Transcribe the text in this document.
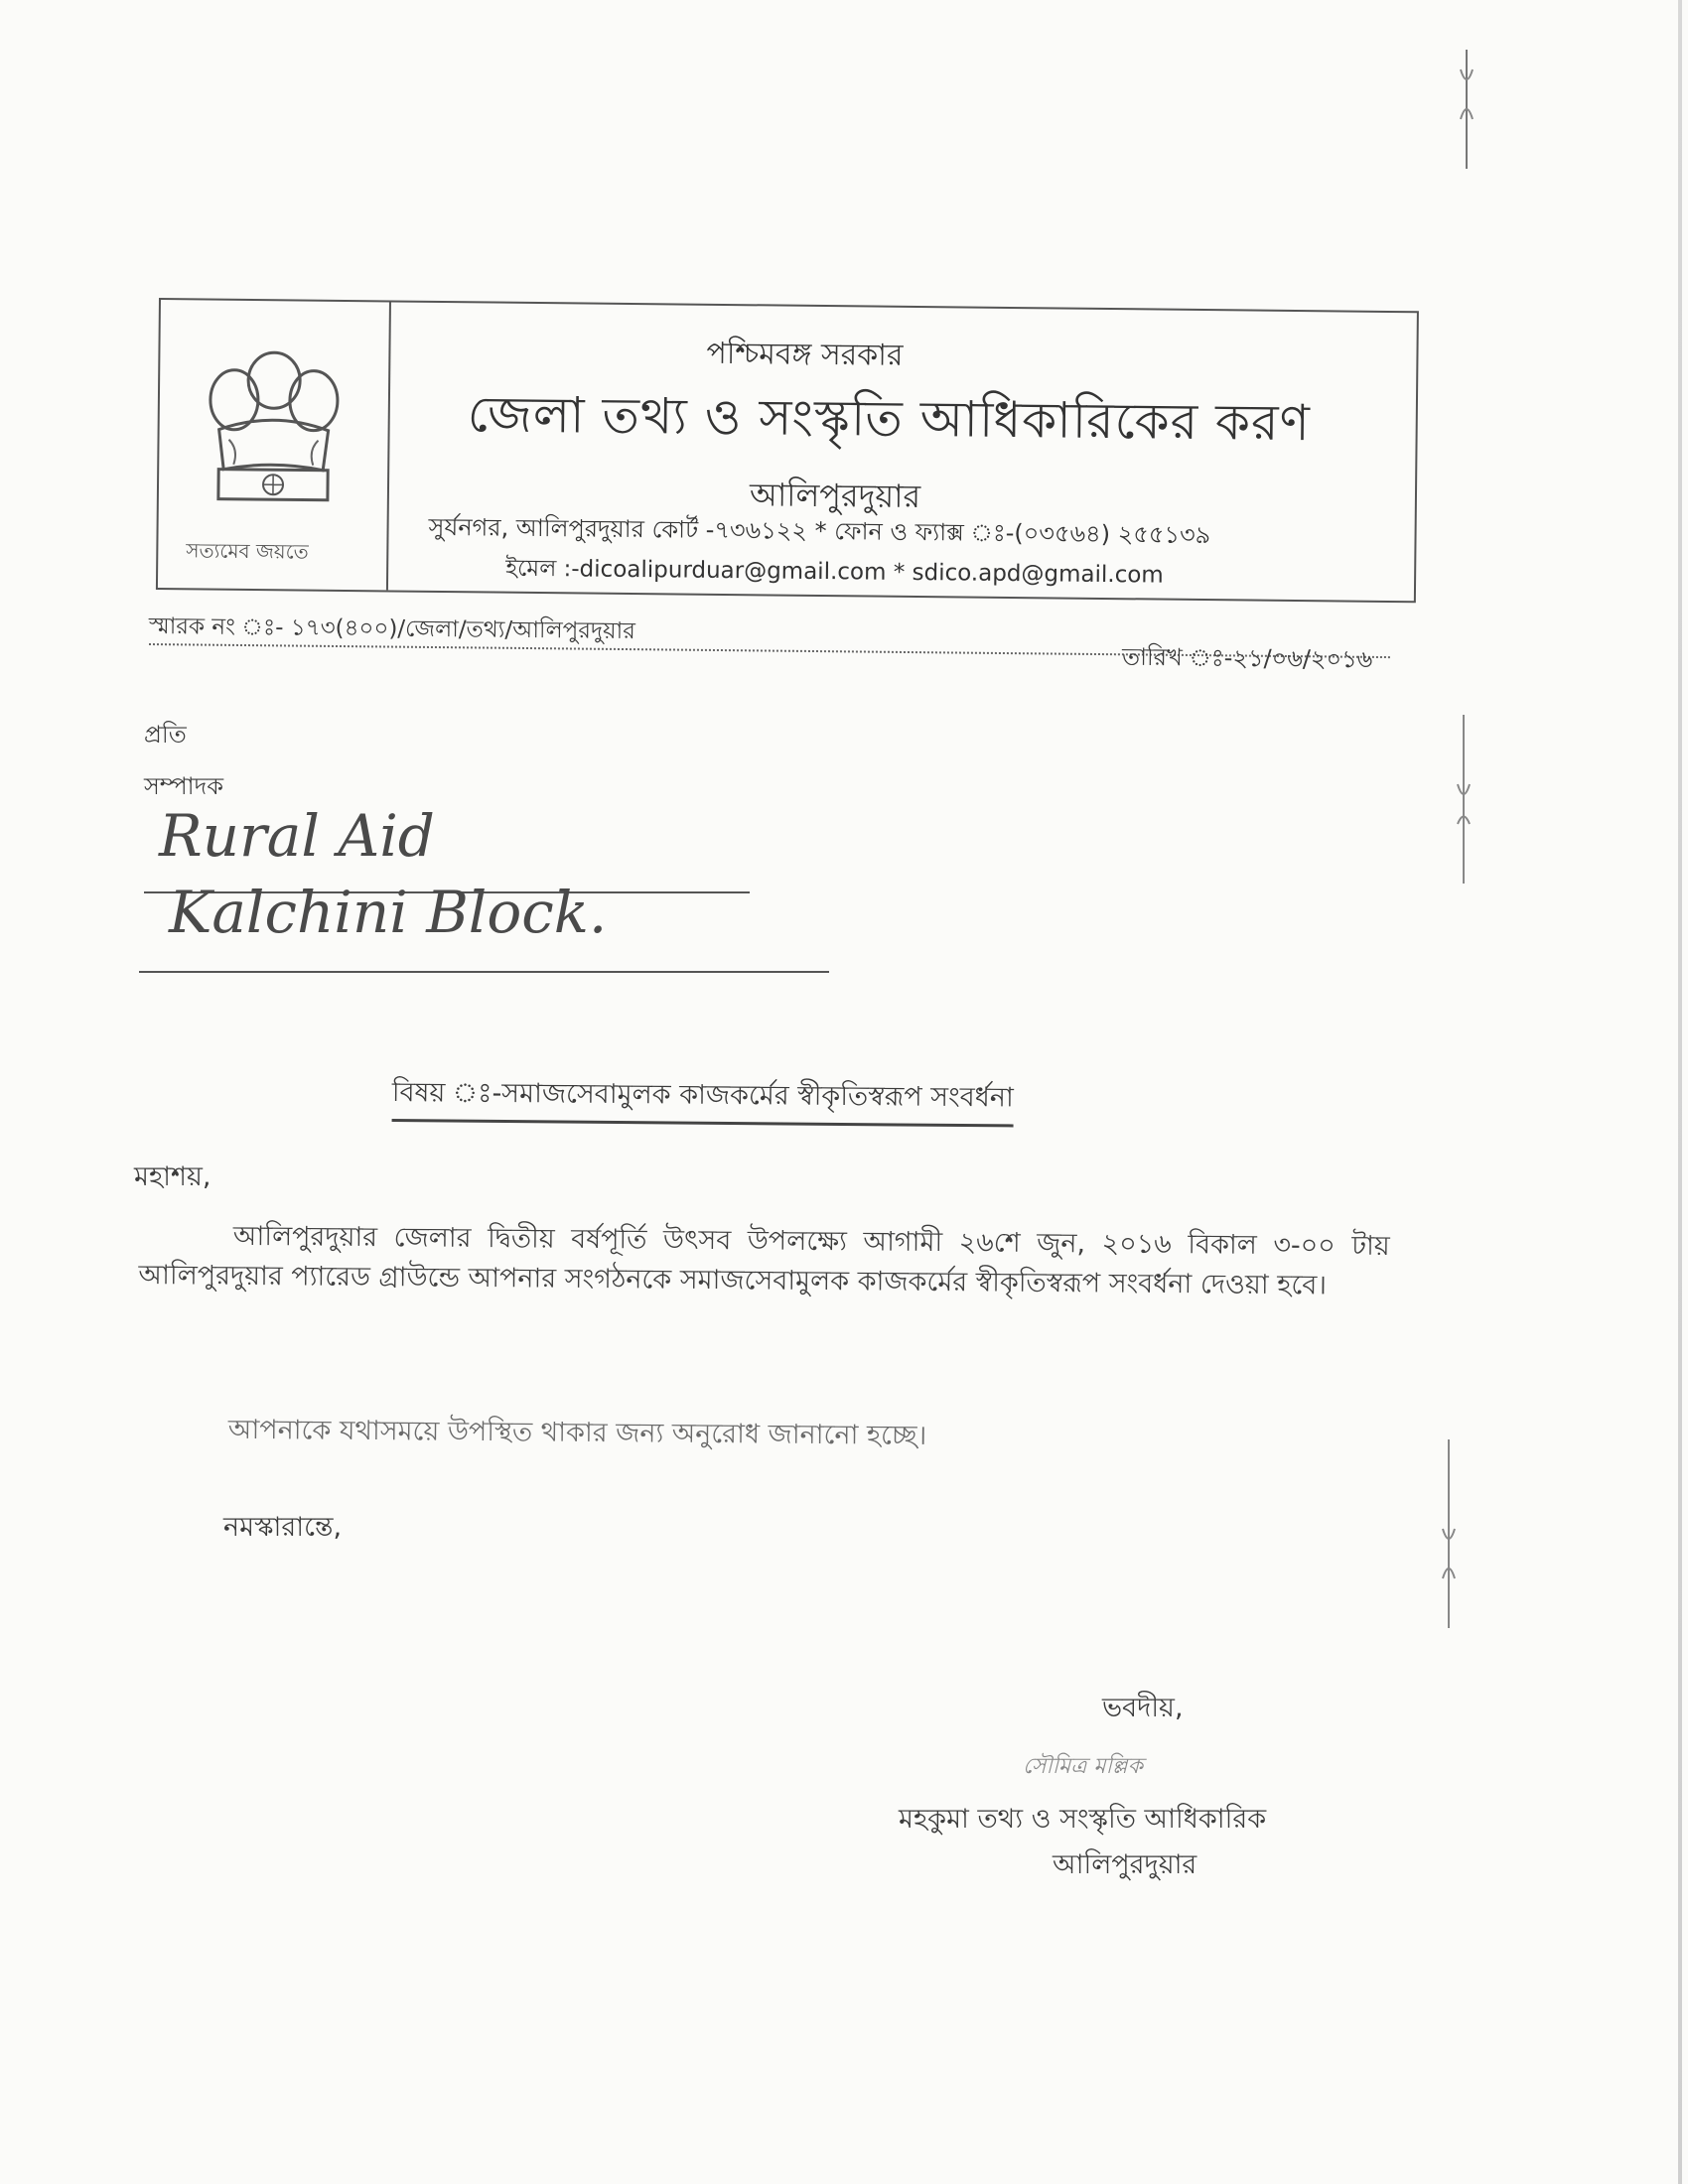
সত্যমেব জয়তে
পশ্চিমবঙ্গ সরকার
জেলা তথ্য ও সংস্কৃতি আধিকারিকের করণ
আলিপুরদুয়ার
সুর্যনগর, আলিপুরদুয়ার কোর্ট -৭৩৬১২২ * ফোন ও ফ্যাক্স ঃ-(০৩৫৬৪) ২৫৫১৩৯
ইমেল :-dicoalipurduar@gmail.com * sdico.apd@gmail.com
স্মারক নং ঃ- ১৭৩(৪০০)/জেলা/তথ্য/আলিপুরদুয়ার
তারিখ ঃ-২১/০৬/২০১৬
প্রতি
সম্পাদক
Rural Aid
Kalchini Block.
বিষয় ঃ-সমাজসেবামুলক কাজকর্মের স্বীকৃতিস্বরূপ সংবর্ধনা
মহাশয়,
আলিপুরদুয়ার জেলার দ্বিতীয় বর্ষপূর্তি উৎসব উপলক্ষ্যে আগামী ২৬শে জুন, ২০১৬ বিকাল ৩-০০ টায় আলিপুরদুয়ার প্যারেড গ্রাউন্ডে আপনার সংগঠনকে সমাজসেবামুলক কাজকর্মের স্বীকৃতিস্বরূপ সংবর্ধনা দেওয়া হবে।
আপনাকে যথাসময়ে উপস্থিত থাকার জন্য অনুরোধ জানানো হচ্ছে।
নমস্কারান্তে,
ভবদীয়,
সৌমিত্র মল্লিক
মহকুমা তথ্য ও সংস্কৃতি আধিকারিক
আলিপুরদুয়ার
